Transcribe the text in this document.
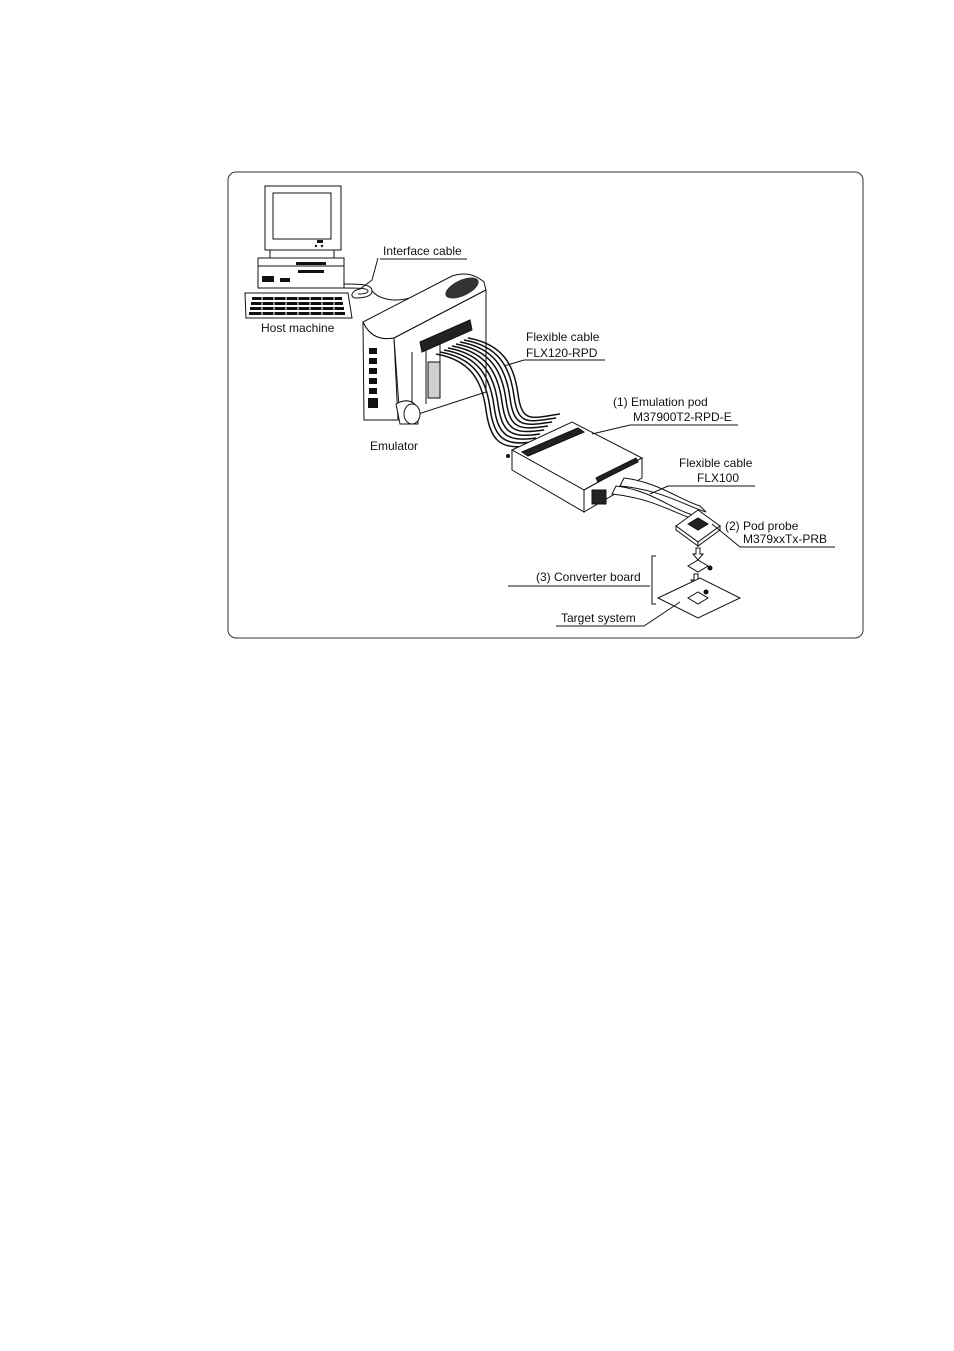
Interface cable
Host machine
Flexible cable
FLX120-RPD
(1) Emulation pod
M37900T2-RPD-E
Emulator
Flexible cable
FLX100
(2) Pod probe
M379xxTx-PRB
(3) Converter board
Target system
